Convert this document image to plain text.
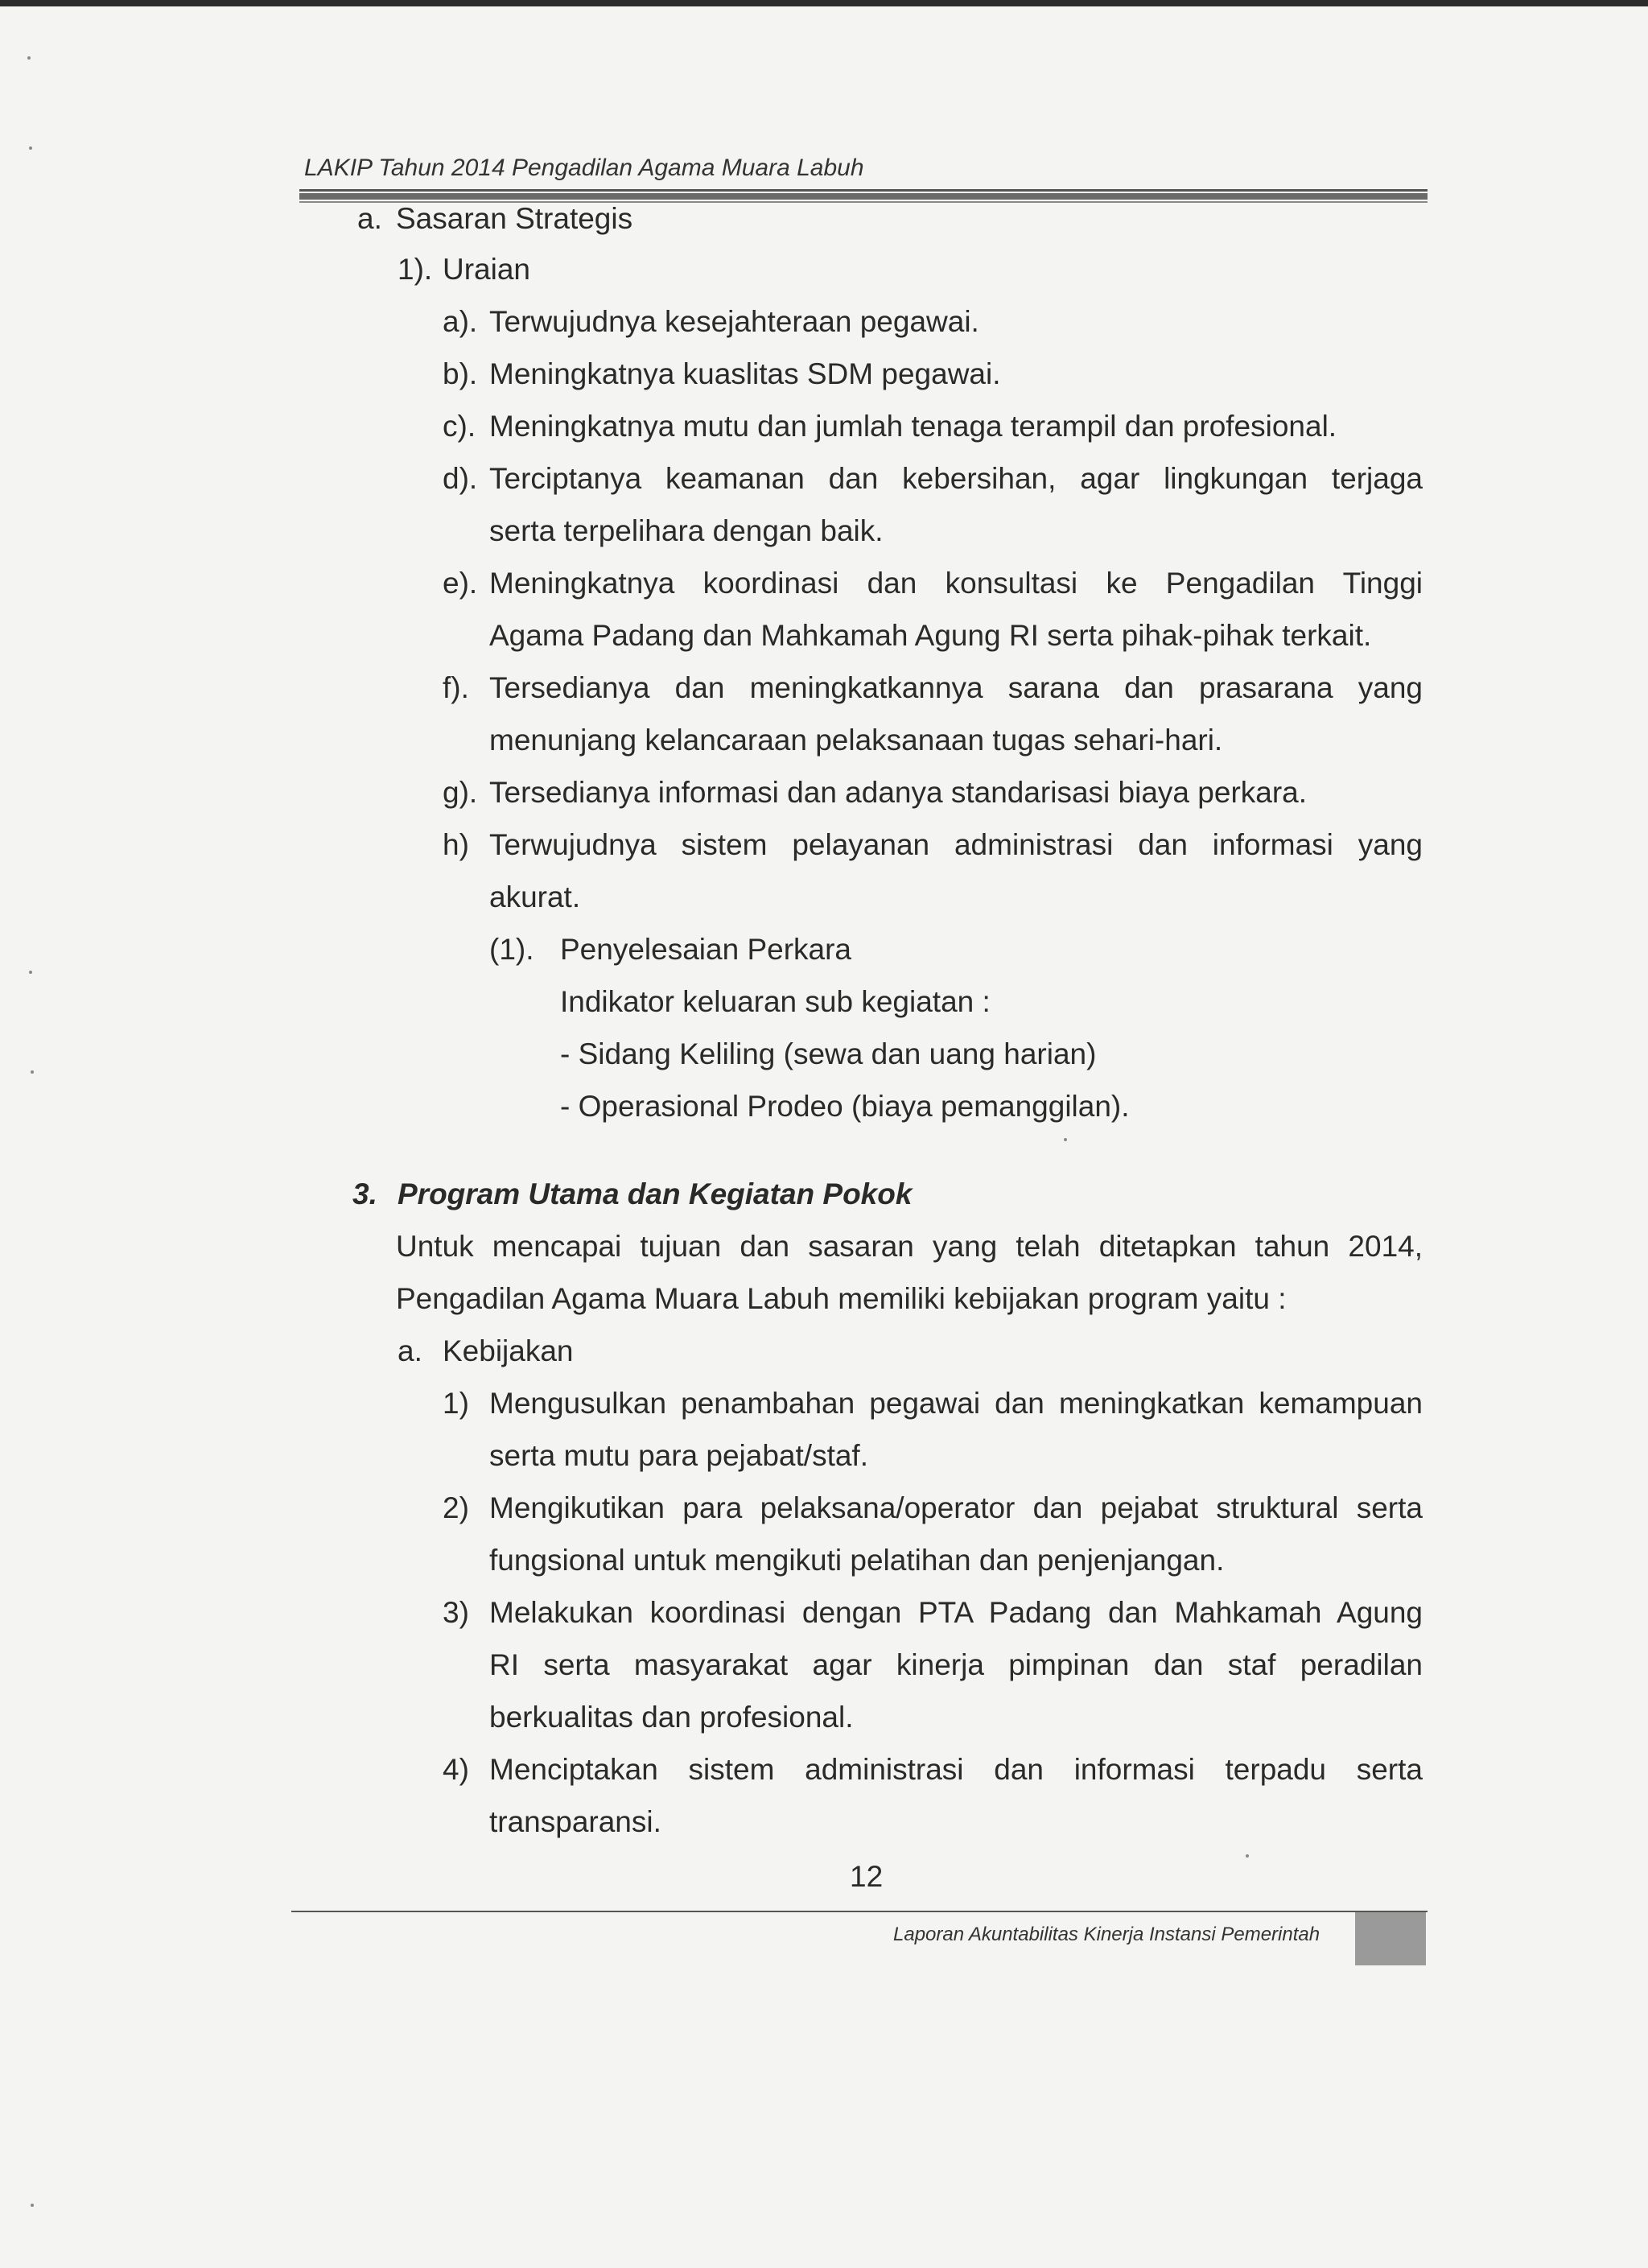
LAKIP Tahun 2014 Pengadilan Agama Muara Labuh
a. Sasaran Strategis
1). Uraian
a). Terwujudnya kesejahteraan pegawai.
b). Meningkatnya kuaslitas SDM pegawai.
c). Meningkatnya mutu dan jumlah tenaga terampil dan profesional.
d). Terciptanya keamanan dan kebersihan, agar lingkungan terjaga
serta terpelihara dengan baik.
e). Meningkatnya koordinasi dan konsultasi ke Pengadilan Tinggi
Agama Padang dan Mahkamah Agung RI serta pihak-pihak terkait.
f). Tersedianya dan meningkatkannya sarana dan prasarana yang
menunjang kelancaraan pelaksanaan tugas sehari-hari.
g). Tersedianya informasi dan adanya standarisasi biaya perkara.
h) Terwujudnya sistem pelayanan administrasi dan informasi yang
akurat.
(1). Penyelesaian Perkara
Indikator keluaran sub kegiatan :
- Sidang Keliling (sewa dan uang harian)
- Operasional Prodeo (biaya pemanggilan).
3. Program Utama dan Kegiatan Pokok
Untuk mencapai tujuan dan sasaran yang telah ditetapkan tahun 2014,
Pengadilan Agama Muara Labuh memiliki kebijakan program yaitu :
a. Kebijakan
1) Mengusulkan penambahan pegawai dan meningkatkan kemampuan
serta mutu para pejabat/staf.
2) Mengikutikan para pelaksana/operator dan pejabat struktural serta
fungsional untuk mengikuti pelatihan dan penjenjangan.
3) Melakukan koordinasi dengan PTA Padang dan Mahkamah Agung
RI serta masyarakat agar kinerja pimpinan dan staf peradilan
berkualitas dan profesional.
4) Menciptakan sistem administrasi dan informasi terpadu serta
transparansi.
12
Laporan Akuntabilitas Kinerja Instansi Pemerintah
